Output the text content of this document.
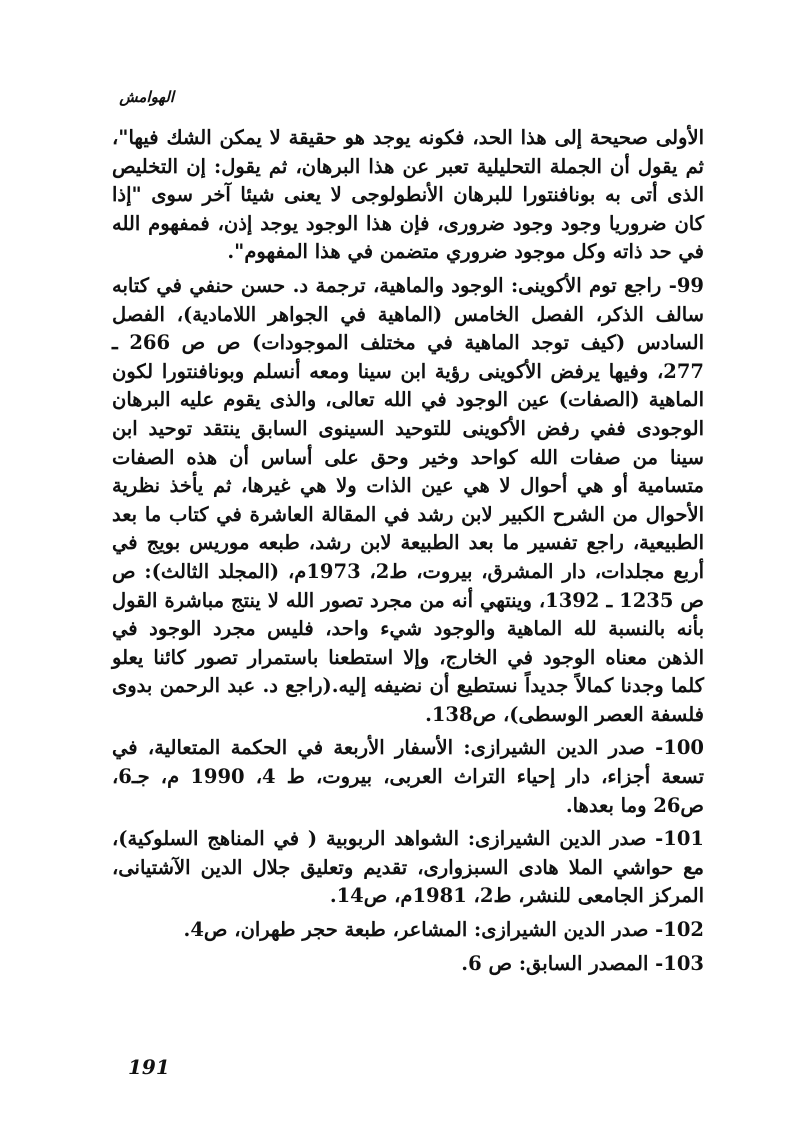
الهوامش

الأولى صحيحة إلى هذا الحد، فكونه يوجد هو حقيقة لا يمكن الشك فيها"، ثم يقول أن الجملة التحليلية تعبر عن هذا البرهان، ثم يقول: إن التخليص الذى أتى به بونافنتورا للبرهان الأنطولوجى لا يعنى شيئا آخر سوى "إذا كان ضروريا وجود وجود ضرورى، فإن هذا الوجود يوجد إذن، فمفهوم الله في حد ذاته وكل موجود ضروري متضمن في هذا المفهوم".

99- راجع توم الأكوينى: الوجود والماهية، ترجمة د. حسن حنفي في كتابه سالف الذكر، الفصل الخامس (الماهية في الجواهر اللامادية)، الفصل السادس (كيف توجد الماهية في مختلف الموجودات) ص ص 266 ـ 277، وفيها يرفض الأكوينى رؤية ابن سينا ومعه أنسلم وبونافنتورا لكون الماهية (الصفات) عين الوجود في الله تعالى، والذى يقوم عليه البرهان الوجودى ففي رفض الأكوينى للتوحيد السينوى السابق ينتقد توحيد ابن سينا من صفات الله كواحد وخير وحق على أساس أن هذه الصفات متسامية أو هي أحوال لا هي عين الذات ولا هي غيرها، ثم يأخذ نظرية الأحوال من الشرح الكبير لابن رشد في المقالة العاشرة في كتاب ما بعد الطبيعية، راجع تفسير ما بعد الطبيعة لابن رشد، طبعه موريس بويج في أربع مجلدات، دار المشرق، بيروت، ط2، 1973م، (المجلد الثالث): ص ص 1235 ـ 1392، وينتهي أنه من مجرد تصور الله لا ينتج مباشرة القول بأنه بالنسبة لله الماهية والوجود شيء واحد، فليس مجرد الوجود في الذهن معناه الوجود في الخارج، وإلا استطعنا باستمرار تصور كائنا يعلو كلما وجدنا كمالاً جديداً نستطيع أن نضيفه إليه.(راجع د. عبد الرحمن بدوى فلسفة العصر الوسطى)، ص138.

100- صدر الدين الشيرازى: الأسفار الأربعة في الحكمة المتعالية، في تسعة أجزاء، دار إحياء التراث العربى، بيروت، ط 4، 1990 م، جـ6، ص26 وما بعدها.

101- صدر الدين الشيرازى: الشواهد الربوبية ( في المناهج السلوكية)، مع حواشي الملا هادى السبزوارى، تقديم وتعليق جلال الدين الآشتيانى، المركز الجامعى للنشر، ط2، 1981م، ص14.

102- صدر الدين الشيرازى: المشاعر، طبعة حجر طهران، ص4.

103- المصدر السابق: ص 6.

191
